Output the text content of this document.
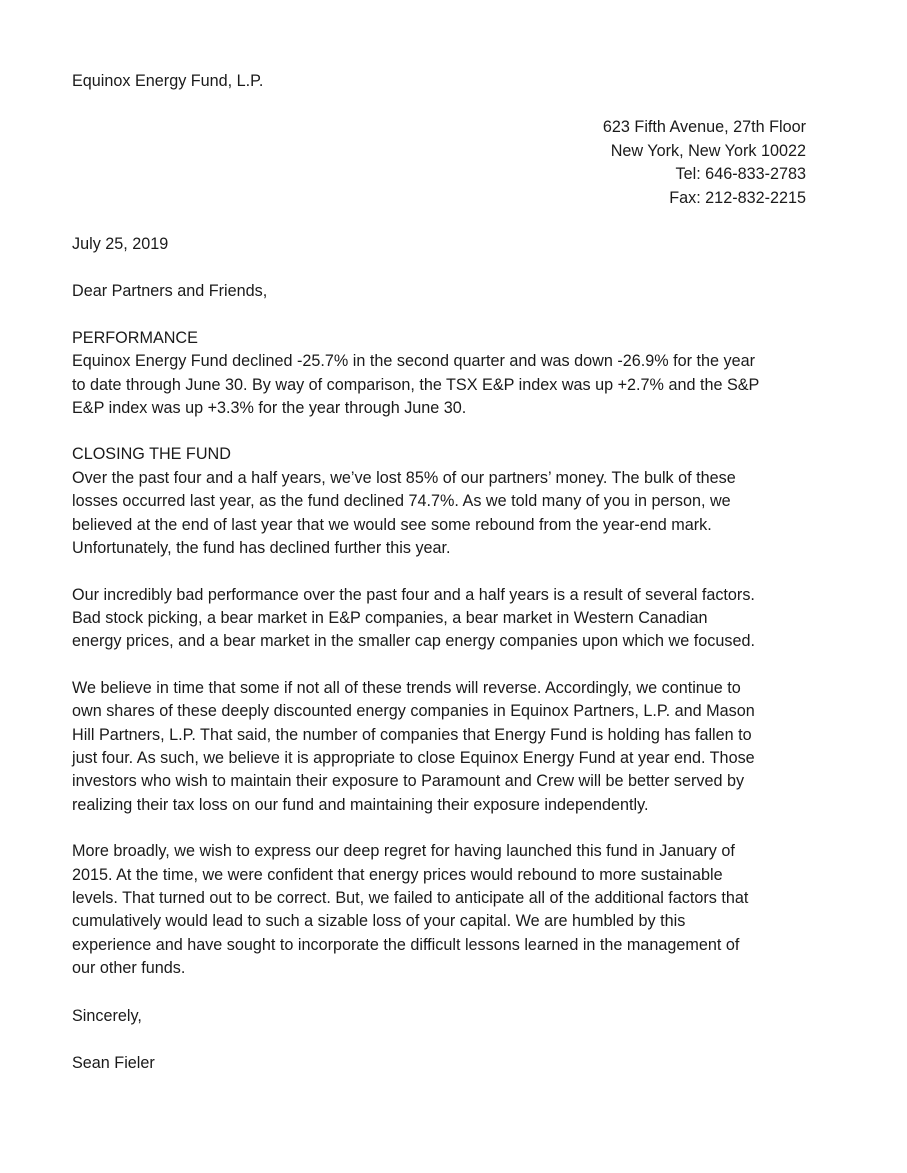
Equinox Energy Fund, L.P.
623 Fifth Avenue, 27th Floor
New York, New York 10022
Tel: 646-833-2783
Fax: 212-832-2215
July 25, 2019
Dear Partners and Friends,
PERFORMANCE
Equinox Energy Fund declined -25.7% in the second quarter and was down -26.9% for the year
to date through June 30. By way of comparison, the TSX E&P index was up +2.7% and the S&P
E&P index was up +3.3% for the year through June 30.
CLOSING THE FUND
Over the past four and a half years, we’ve lost 85% of our partners’ money. The bulk of these
losses occurred last year, as the fund declined 74.7%. As we told many of you in person, we
believed at the end of last year that we would see some rebound from the year-end mark.
Unfortunately, the fund has declined further this year.
Our incredibly bad performance over the past four and a half years is a result of several factors.
Bad stock picking, a bear market in E&P companies, a bear market in Western Canadian
energy prices, and a bear market in the smaller cap energy companies upon which we focused.
We believe in time that some if not all of these trends will reverse. Accordingly, we continue to
own shares of these deeply discounted energy companies in Equinox Partners, L.P. and Mason
Hill Partners, L.P. That said, the number of companies that Energy Fund is holding has fallen to
just four. As such, we believe it is appropriate to close Equinox Energy Fund at year end. Those
investors who wish to maintain their exposure to Paramount and Crew will be better served by
realizing their tax loss on our fund and maintaining their exposure independently.
More broadly, we wish to express our deep regret for having launched this fund in January of
2015. At the time, we were confident that energy prices would rebound to more sustainable
levels. That turned out to be correct. But, we failed to anticipate all of the additional factors that
cumulatively would lead to such a sizable loss of your capital. We are humbled by this
experience and have sought to incorporate the difficult lessons learned in the management of
our other funds.
Sincerely,
Sean Fieler
